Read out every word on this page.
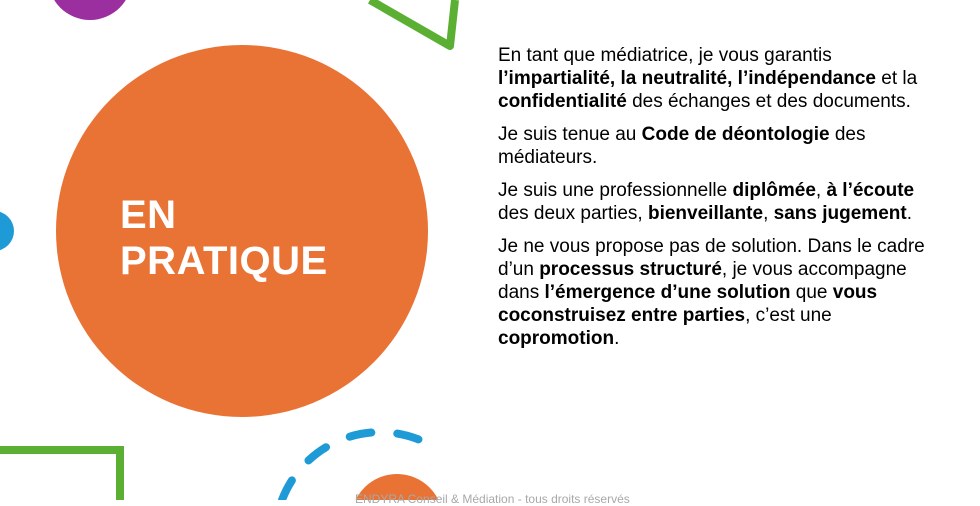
EN
PRATIQUE

En tant que médiatrice, je vous garantis l’impartialité, la neutralité, l’indépendance et la confidentialité des échanges et des documents.

Je suis tenue au Code de déontologie des médiateurs.

Je suis une professionnelle diplômée, à l’écoute des deux parties, bienveillante, sans jugement.

Je ne vous propose pas de solution. Dans le cadre d’un processus structuré, je vous accompagne dans l’émergence d’une solution que vous coconstruisez entre parties, c’est une copromotion.

ENDYRA Conseil & Médiation - tous droits réservés
